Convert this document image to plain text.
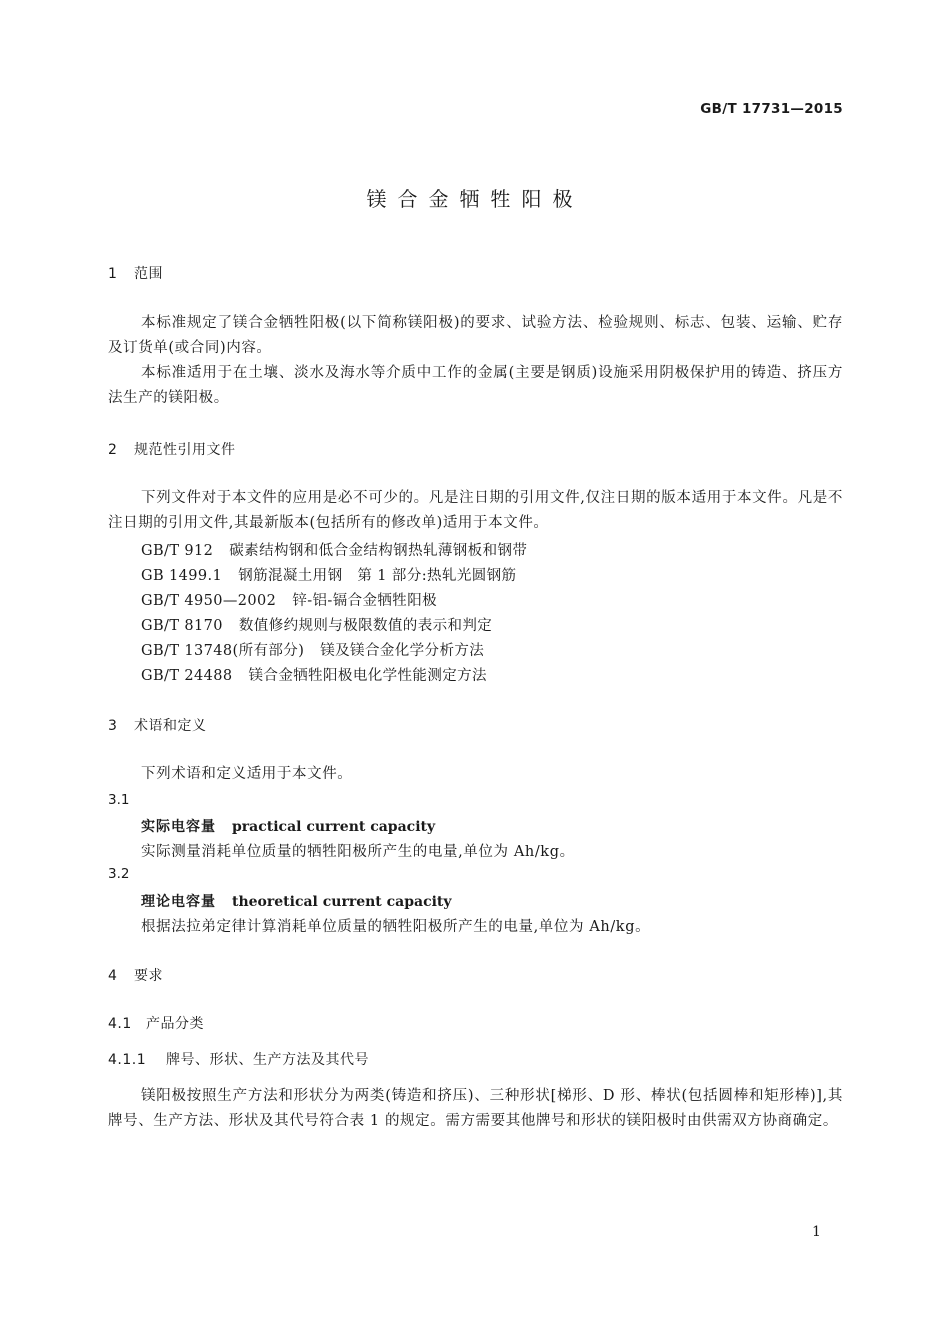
GB/T 17731—2015
镁合金牺牲阳极
1 范围
本标准规定了镁合金牺牲阳极(以下简称镁阳极)的要求、试验方法、检验规则、标志、包装、运输、贮存及订货单(或合同)内容。
本标准适用于在土壤、淡水及海水等介质中工作的金属(主要是钢质)设施采用阴极保护用的铸造、挤压方法生产的镁阳极。
2 规范性引用文件
下列文件对于本文件的应用是必不可少的。凡是注日期的引用文件,仅注日期的版本适用于本文件。凡是不注日期的引用文件,其最新版本(包括所有的修改单)适用于本文件。
GB/T 912 碳素结构钢和低合金结构钢热轧薄钢板和钢带
GB 1499.1 钢筋混凝土用钢　第 1 部分:热轧光圆钢筋
GB/T 4950—2002 锌-铝-镉合金牺牲阳极
GB/T 8170 数值修约规则与极限数值的表示和判定
GB/T 13748(所有部分) 镁及镁合金化学分析方法
GB/T 24488 镁合金牺牲阳极电化学性能测定方法
3 术语和定义
下列术语和定义适用于本文件。
3.1
实际电容量 practical current capacity
实际测量消耗单位质量的牺牲阳极所产生的电量,单位为 Ah/kg。
3.2
理论电容量 theoretical current capacity
根据法拉弟定律计算消耗单位质量的牺牲阳极所产生的电量,单位为 Ah/kg。
4 要求
4.1 产品分类
4.1.1 牌号、形状、生产方法及其代号
镁阳极按照生产方法和形状分为两类(铸造和挤压)、三种形状[梯形、D 形、棒状(包括圆棒和矩形棒)],其牌号、生产方法、形状及其代号符合表 1 的规定。需方需要其他牌号和形状的镁阳极时由供需双方协商确定。
1
